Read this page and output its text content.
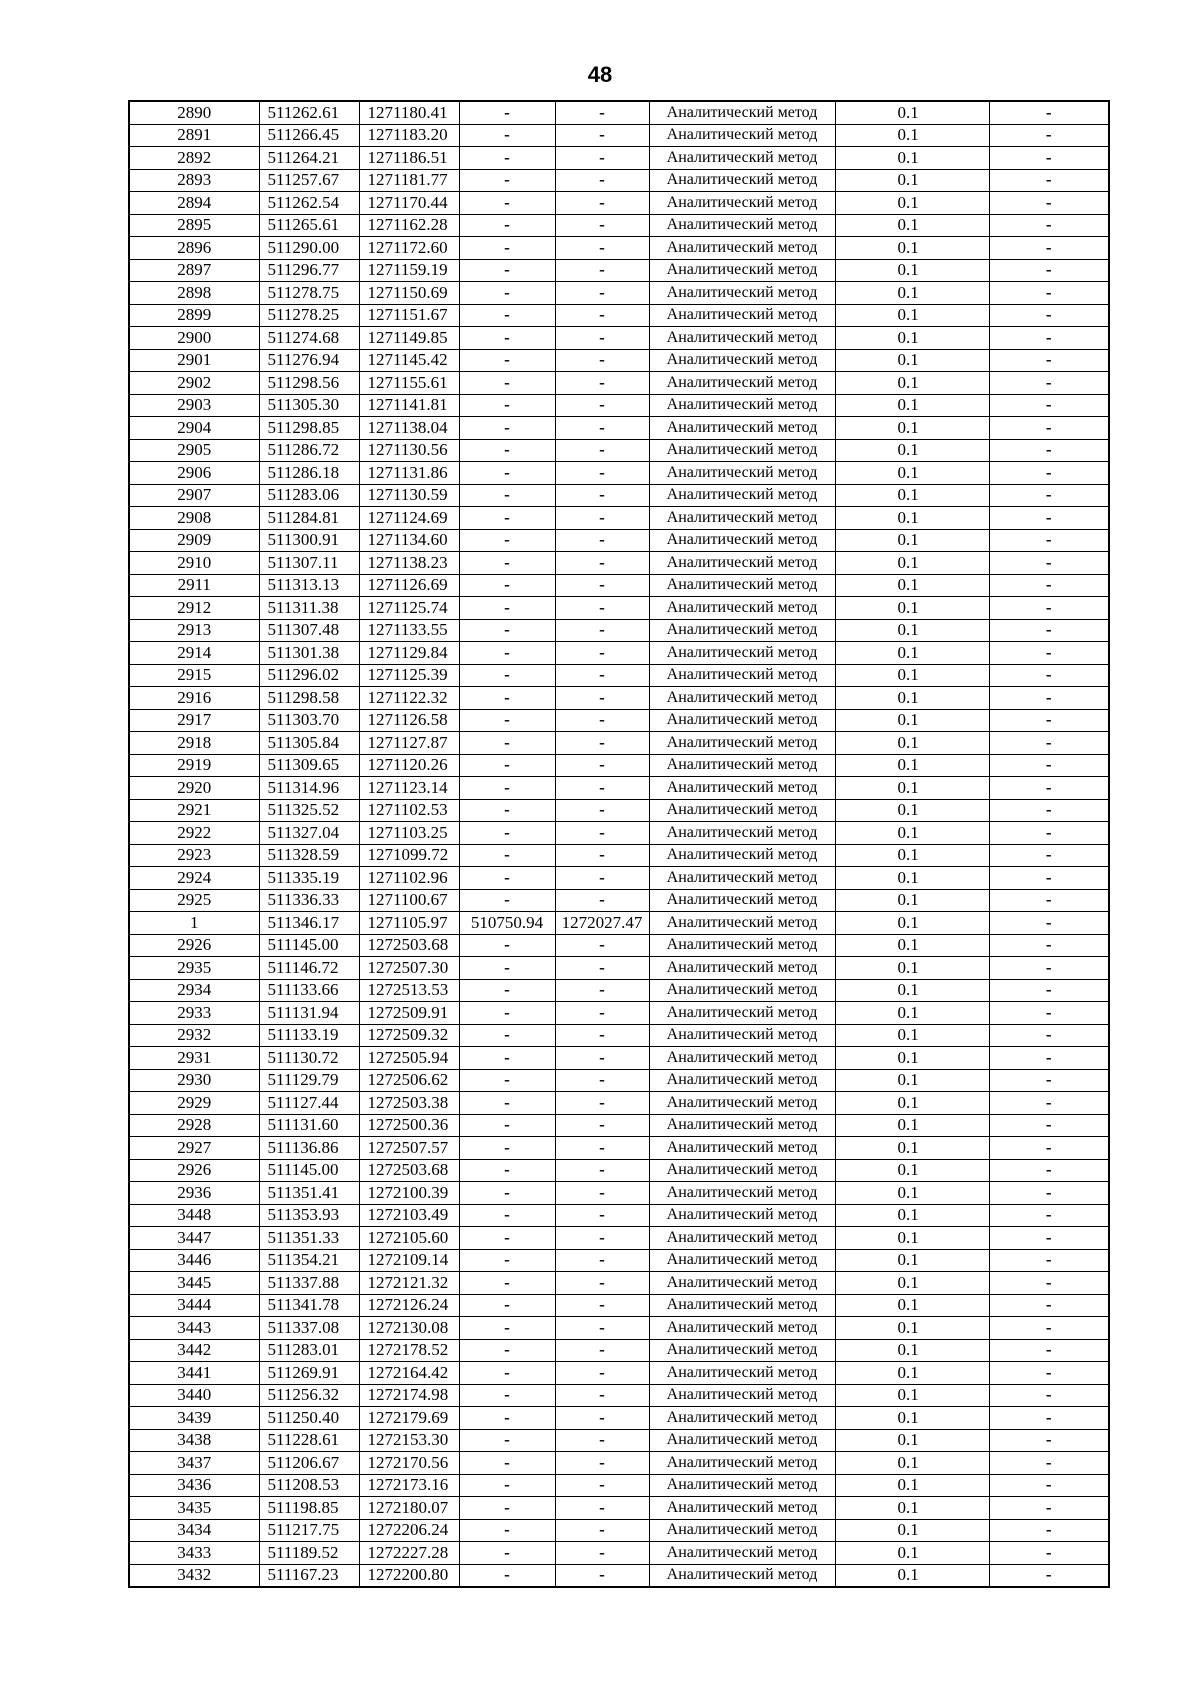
48
2890	511262.61	1271180.41	-	-	Аналитический метод	0.1	-
2891	511266.45	1271183.20	-	-	Аналитический метод	0.1	-
2892	511264.21	1271186.51	-	-	Аналитический метод	0.1	-
2893	511257.67	1271181.77	-	-	Аналитический метод	0.1	-
2894	511262.54	1271170.44	-	-	Аналитический метод	0.1	-
2895	511265.61	1271162.28	-	-	Аналитический метод	0.1	-
2896	511290.00	1271172.60	-	-	Аналитический метод	0.1	-
2897	511296.77	1271159.19	-	-	Аналитический метод	0.1	-
2898	511278.75	1271150.69	-	-	Аналитический метод	0.1	-
2899	511278.25	1271151.67	-	-	Аналитический метод	0.1	-
2900	511274.68	1271149.85	-	-	Аналитический метод	0.1	-
2901	511276.94	1271145.42	-	-	Аналитический метод	0.1	-
2902	511298.56	1271155.61	-	-	Аналитический метод	0.1	-
2903	511305.30	1271141.81	-	-	Аналитический метод	0.1	-
2904	511298.85	1271138.04	-	-	Аналитический метод	0.1	-
2905	511286.72	1271130.56	-	-	Аналитический метод	0.1	-
2906	511286.18	1271131.86	-	-	Аналитический метод	0.1	-
2907	511283.06	1271130.59	-	-	Аналитический метод	0.1	-
2908	511284.81	1271124.69	-	-	Аналитический метод	0.1	-
2909	511300.91	1271134.60	-	-	Аналитический метод	0.1	-
2910	511307.11	1271138.23	-	-	Аналитический метод	0.1	-
2911	511313.13	1271126.69	-	-	Аналитический метод	0.1	-
2912	511311.38	1271125.74	-	-	Аналитический метод	0.1	-
2913	511307.48	1271133.55	-	-	Аналитический метод	0.1	-
2914	511301.38	1271129.84	-	-	Аналитический метод	0.1	-
2915	511296.02	1271125.39	-	-	Аналитический метод	0.1	-
2916	511298.58	1271122.32	-	-	Аналитический метод	0.1	-
2917	511303.70	1271126.58	-	-	Аналитический метод	0.1	-
2918	511305.84	1271127.87	-	-	Аналитический метод	0.1	-
2919	511309.65	1271120.26	-	-	Аналитический метод	0.1	-
2920	511314.96	1271123.14	-	-	Аналитический метод	0.1	-
2921	511325.52	1271102.53	-	-	Аналитический метод	0.1	-
2922	511327.04	1271103.25	-	-	Аналитический метод	0.1	-
2923	511328.59	1271099.72	-	-	Аналитический метод	0.1	-
2924	511335.19	1271102.96	-	-	Аналитический метод	0.1	-
2925	511336.33	1271100.67	-	-	Аналитический метод	0.1	-
1	511346.17	1271105.97	510750.94	1272027.47	Аналитический метод	0.1	-
2926	511145.00	1272503.68	-	-	Аналитический метод	0.1	-
2935	511146.72	1272507.30	-	-	Аналитический метод	0.1	-
2934	511133.66	1272513.53	-	-	Аналитический метод	0.1	-
2933	511131.94	1272509.91	-	-	Аналитический метод	0.1	-
2932	511133.19	1272509.32	-	-	Аналитический метод	0.1	-
2931	511130.72	1272505.94	-	-	Аналитический метод	0.1	-
2930	511129.79	1272506.62	-	-	Аналитический метод	0.1	-
2929	511127.44	1272503.38	-	-	Аналитический метод	0.1	-
2928	511131.60	1272500.36	-	-	Аналитический метод	0.1	-
2927	511136.86	1272507.57	-	-	Аналитический метод	0.1	-
2926	511145.00	1272503.68	-	-	Аналитический метод	0.1	-
2936	511351.41	1272100.39	-	-	Аналитический метод	0.1	-
3448	511353.93	1272103.49	-	-	Аналитический метод	0.1	-
3447	511351.33	1272105.60	-	-	Аналитический метод	0.1	-
3446	511354.21	1272109.14	-	-	Аналитический метод	0.1	-
3445	511337.88	1272121.32	-	-	Аналитический метод	0.1	-
3444	511341.78	1272126.24	-	-	Аналитический метод	0.1	-
3443	511337.08	1272130.08	-	-	Аналитический метод	0.1	-
3442	511283.01	1272178.52	-	-	Аналитический метод	0.1	-
3441	511269.91	1272164.42	-	-	Аналитический метод	0.1	-
3440	511256.32	1272174.98	-	-	Аналитический метод	0.1	-
3439	511250.40	1272179.69	-	-	Аналитический метод	0.1	-
3438	511228.61	1272153.30	-	-	Аналитический метод	0.1	-
3437	511206.67	1272170.56	-	-	Аналитический метод	0.1	-
3436	511208.53	1272173.16	-	-	Аналитический метод	0.1	-
3435	511198.85	1272180.07	-	-	Аналитический метод	0.1	-
3434	511217.75	1272206.24	-	-	Аналитический метод	0.1	-
3433	511189.52	1272227.28	-	-	Аналитический метод	0.1	-
3432	511167.23	1272200.80	-	-	Аналитический метод	0.1	-
